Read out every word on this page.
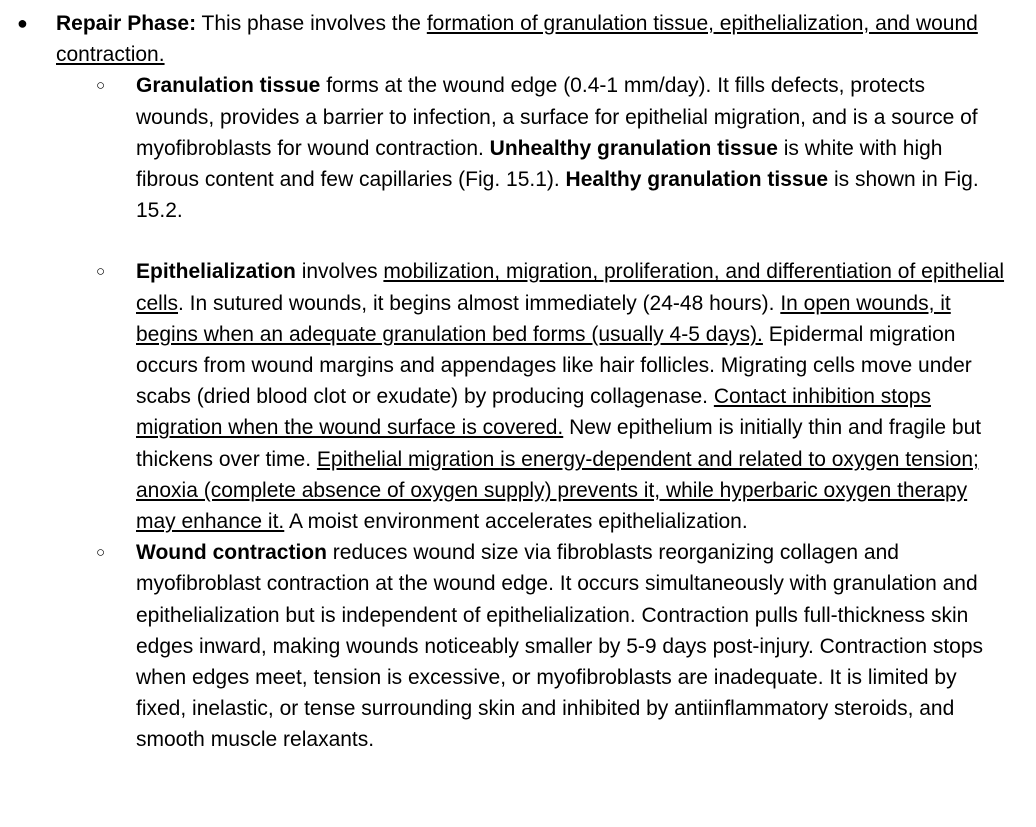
● Repair Phase: This phase involves the formation of granulation tissue, epithelialization, and wound contraction.
○ Granulation tissue forms at the wound edge (0.4-1 mm/day). It fills defects, protects wounds, provides a barrier to infection, a surface for epithelial migration, and is a source of myofibroblasts for wound contraction. Unhealthy granulation tissue is white with high fibrous content and few capillaries (Fig. 15.1). Healthy granulation tissue is shown in Fig. 15.2.
○ Epithelialization involves mobilization, migration, proliferation, and differentiation of epithelial cells. In sutured wounds, it begins almost immediately (24-48 hours). In open wounds, it begins when an adequate granulation bed forms (usually 4-5 days). Epidermal migration occurs from wound margins and appendages like hair follicles. Migrating cells move under scabs (dried blood clot or exudate) by producing collagenase. Contact inhibition stops migration when the wound surface is covered. New epithelium is initially thin and fragile but thickens over time. Epithelial migration is energy-dependent and related to oxygen tension; anoxia (complete absence of oxygen supply) prevents it, while hyperbaric oxygen therapy may enhance it. A moist environment accelerates epithelialization.
○ Wound contraction reduces wound size via fibroblasts reorganizing collagen and myofibroblast contraction at the wound edge. It occurs simultaneously with granulation and epithelialization but is independent of epithelialization. Contraction pulls full-thickness skin edges inward, making wounds noticeably smaller by 5-9 days post-injury. Contraction stops when edges meet, tension is excessive, or myofibroblasts are inadequate. It is limited by fixed, inelastic, or tense surrounding skin and inhibited by antiinflammatory steroids, and smooth muscle relaxants.
